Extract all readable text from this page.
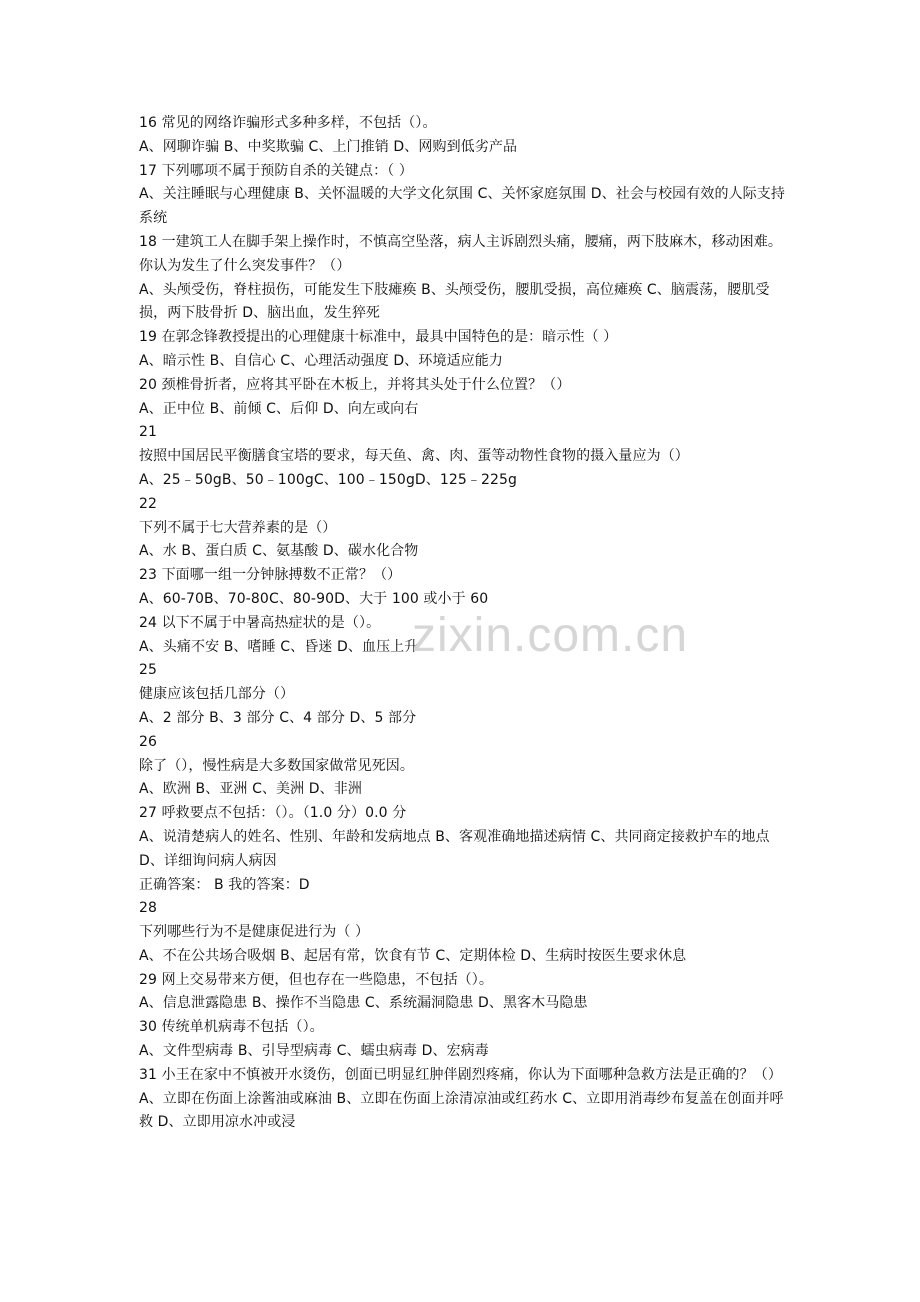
16 常见的网络诈骗形式多种多样，不包括（）。
A、网聊诈骗 B、中奖欺骗 C、上门推销 D、网购到低劣产品
17 下列哪项不属于预防自杀的关键点：（ ）
A、关注睡眠与心理健康 B、关怀温暖的大学文化氛围 C、关怀家庭氛围 D、社会与校园有效的人际支持系统
18 一建筑工人在脚手架上操作时，不慎高空坠落，病人主诉剧烈头痛，腰痛，两下肢麻木，移动困难。你认为发生了什么突发事件？（）
A、头颅受伤，脊柱损伤，可能发生下肢瘫痪 B、头颅受伤，腰肌受损，高位瘫痪 C、脑震荡，腰肌受损，两下肢骨折 D、脑出血，发生猝死
19 在郭念锋教授提出的心理健康十标准中，最具中国特色的是：暗示性（ ）
A、暗示性 B、自信心 C、心理活动强度 D、环境适应能力
20 颈椎骨折者，应将其平卧在木板上，并将其头处于什么位置？（）
A、正中位 B、前倾 C、后仰 D、向左或向右
21
按照中国居民平衡膳食宝塔的要求，每天鱼、禽、肉、蛋等动物性食物的摄入量应为（）
A、25﹣50gB、50﹣100gC、100﹣150gD、125﹣225g
22
下列不属于七大营养素的是（）
A、水 B、蛋白质 C、氨基酸 D、碳水化合物
23 下面哪一组一分钟脉搏数不正常？（）
A、60-70B、70-80C、80-90D、大于 100 或小于 60
24 以下不属于中暑高热症状的是（）。
A、头痛不安 B、嗜睡 C、昏迷 D、血压上升
25
健康应该包括几部分（）
A、2 部分 B、3 部分 C、4 部分 D、5 部分
26
除了（），慢性病是大多数国家做常见死因。
A、欧洲 B、亚洲 C、美洲 D、非洲
27 呼救要点不包括：（）。（1.0 分）0.0 分
A、说清楚病人的姓名、性别、年龄和发病地点 B、客观准确地描述病情 C、共同商定接救护车的地点 D、详细询问病人病因
正确答案： B 我的答案：D
28
下列哪些行为不是健康促进行为（ ）
A、不在公共场合吸烟 B、起居有常，饮食有节 C、定期体检 D、生病时按医生要求休息
29 网上交易带来方便，但也存在一些隐患，不包括（）。
A、信息泄露隐患 B、操作不当隐患 C、系统漏洞隐患 D、黑客木马隐患
30 传统单机病毒不包括（）。
A、文件型病毒 B、引导型病毒 C、蠕虫病毒 D、宏病毒
31 小王在家中不慎被开水烫伤，创面已明显红肿伴剧烈疼痛，你认为下面哪种急救方法是正确的？（）
A、立即在伤面上涂酱油或麻油 B、立即在伤面上涂清凉油或红药水 C、立即用消毒纱布复盖在创面并呼救 D、立即用凉水冲或浸
zixin.com.cn
